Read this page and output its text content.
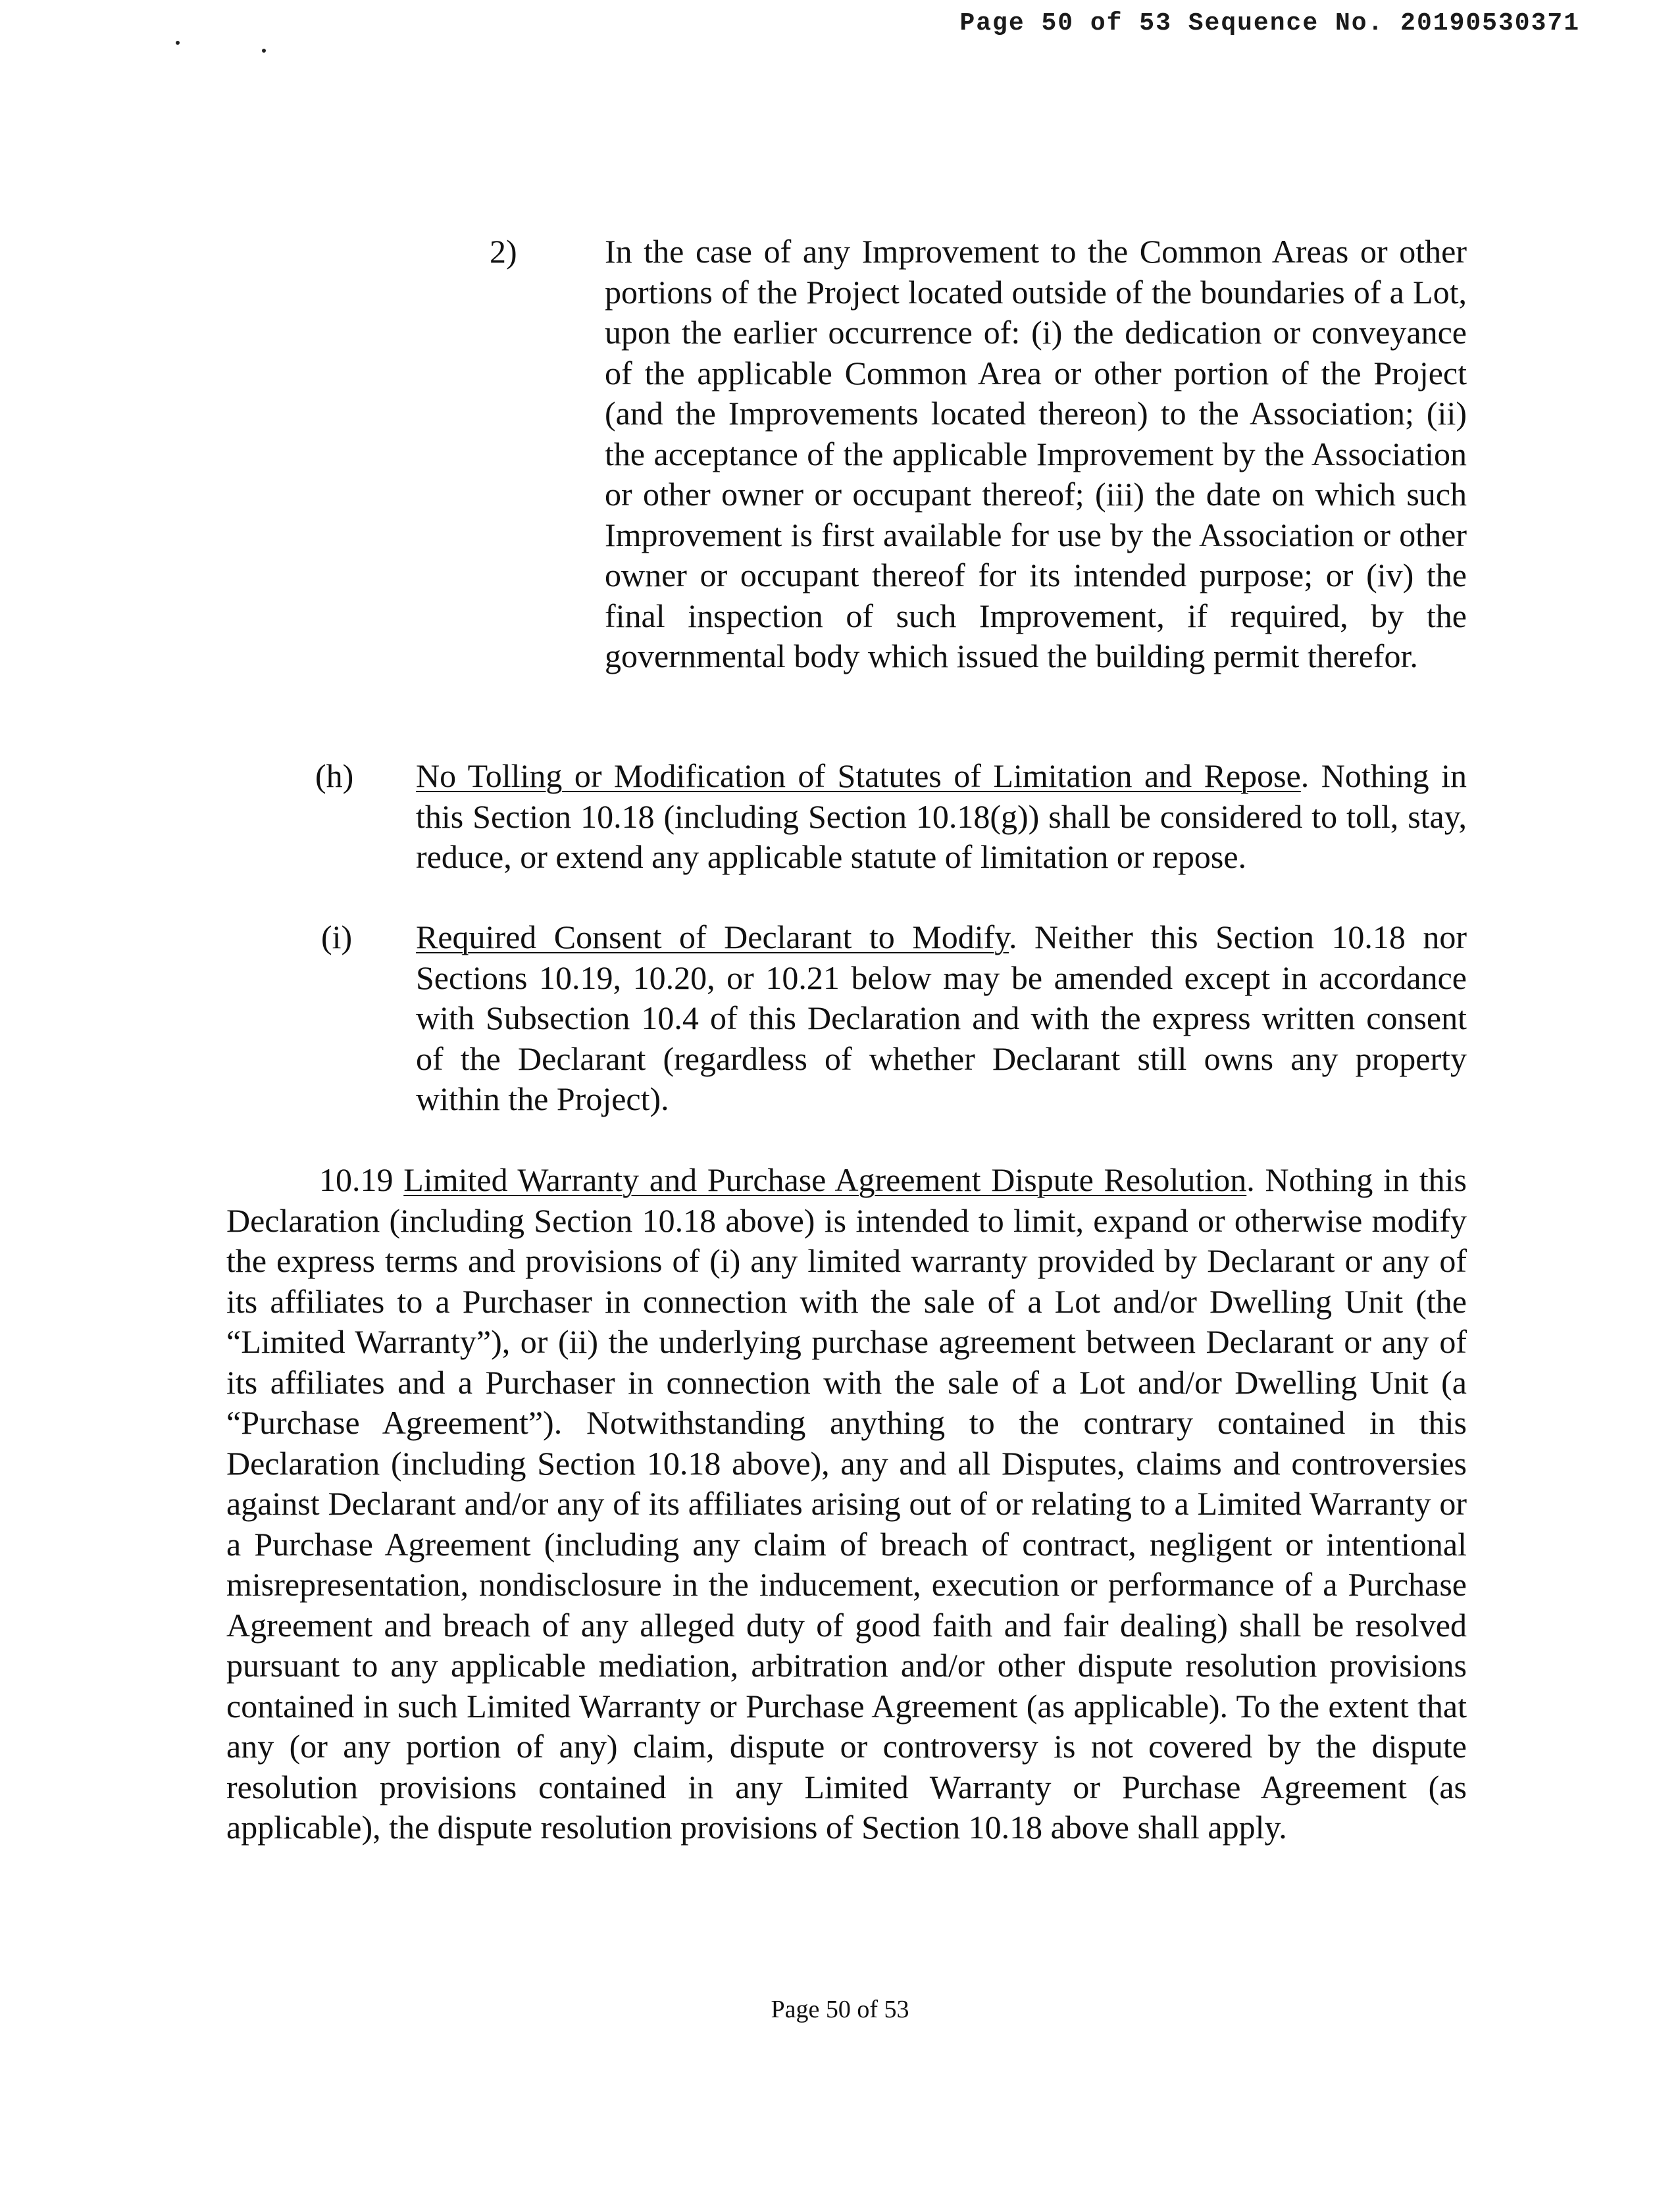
Page 50 of 53 Sequence No. 20190530371
2)	In the case of any Improvement to the Common Areas or other portions of the Project located outside of the boundaries of a Lot, upon the earlier occurrence of: (i) the dedication or conveyance of the applicable Common Area or other portion of the Project (and the Improvements located thereon) to the Association; (ii) the acceptance of the applicable Improvement by the Association or other owner or occupant thereof; (iii) the date on which such Improvement is first available for use by the Association or other owner or occupant thereof for its intended purpose; or (iv) the final inspection of such Improvement, if required, by the governmental body which issued the building permit therefor.

(h) No Tolling or Modification of Statutes of Limitation and Repose. Nothing in this Section 10.18 (including Section 10.18(g)) shall be considered to toll, stay, reduce, or extend any applicable statute of limitation or repose.

(i) Required Consent of Declarant to Modify. Neither this Section 10.18 nor Sections 10.19, 10.20, or 10.21 below may be amended except in accordance with Subsection 10.4 of this Declaration and with the express written consent of the Declarant (regardless of whether Declarant still owns any property within the Project).

10.19 Limited Warranty and Purchase Agreement Dispute Resolution. Nothing in this Declaration (including Section 10.18 above) is intended to limit, expand or otherwise modify the express terms and provisions of (i) any limited warranty provided by Declarant or any of its affiliates to a Purchaser in connection with the sale of a Lot and/or Dwelling Unit (the “Limited Warranty”), or (ii) the underlying purchase agreement between Declarant or any of its affiliates and a Purchaser in connection with the sale of a Lot and/or Dwelling Unit (a “Purchase Agreement”). Notwithstanding anything to the contrary contained in this Declaration (including Section 10.18 above), any and all Disputes, claims and controversies against Declarant and/or any of its affiliates arising out of or relating to a Limited Warranty or a Purchase Agreement (including any claim of breach of contract, negligent or intentional misrepresentation, nondisclosure in the inducement, execution or performance of a Purchase Agreement and breach of any alleged duty of good faith and fair dealing) shall be resolved pursuant to any applicable mediation, arbitration and/or other dispute resolution provisions contained in such Limited Warranty or Purchase Agreement (as applicable). To the extent that any (or any portion of any) claim, dispute or controversy is not covered by the dispute resolution provisions contained in any Limited Warranty or Purchase Agreement (as applicable), the dispute resolution provisions of Section 10.18 above shall apply.

Page 50 of 53
